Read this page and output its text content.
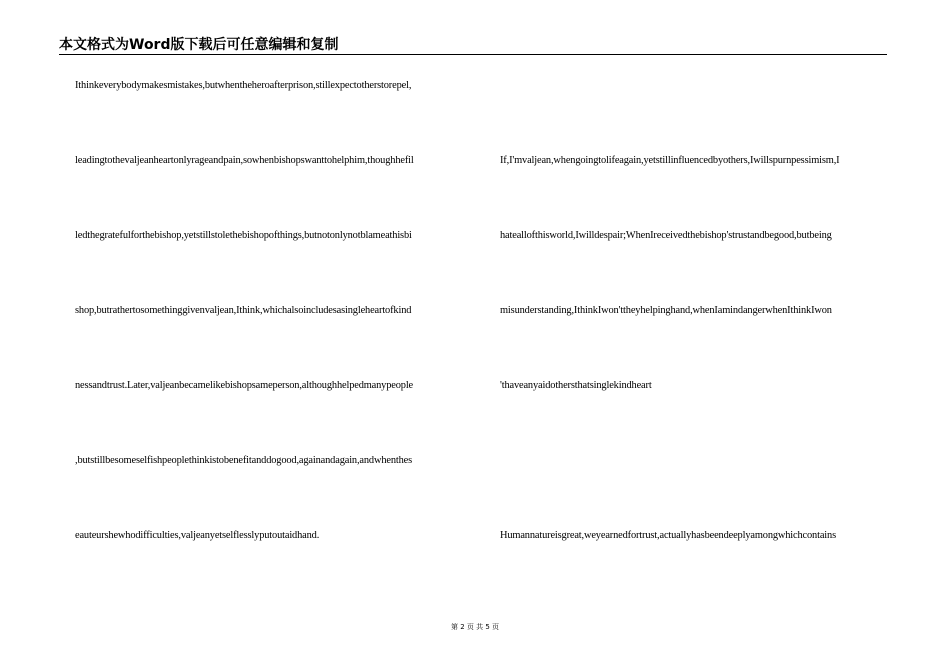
本文格式为Word版下载后可任意编辑和复制
Ithinkeverybodymakesmistakes,butwhentheheroafterprison,stillexpectotherstorepel,
leadingtothevaljeanheartonlyrageandpain,sowhenbishopswanttohelphim,thoughhefil
ledthegratefulforthebishop,yetstillstolethebishopofthings,butnotonlynotblameathisbi
shop,butrathertosomethinggivenvaljean,Ithink,whichalsoincludesasingleheartofkind
nessandtrust.Later,valjeanbecamelikebishopsameperson,althoughhelpedmanypeople
,butstillbesomeselfishpeoplethinkistobenefitanddogood,againandagain,andwhenthes
eauteurshewhodifficulties,valjeanyetselflesslyputoutaidhand.
If,I'mvaljean,whengoingtolifeagain,yetstillinfluencedbyothers,Iwillspurnpessimism,I
hateallofthisworld,Iwilldespair;WhenIreceivedthebishop'strustandbegood,butbeing
misunderstanding,IthinkIwon'ttheyhelpinghand,whenIamindangerwhenIthinkIwon
'thaveanyaidothersthatsinglekindheart
Humannatureisgreat,weyearnedfortrust,actuallyhasbeendeeplyamongwhichcontains
第 2 页 共 5 页
